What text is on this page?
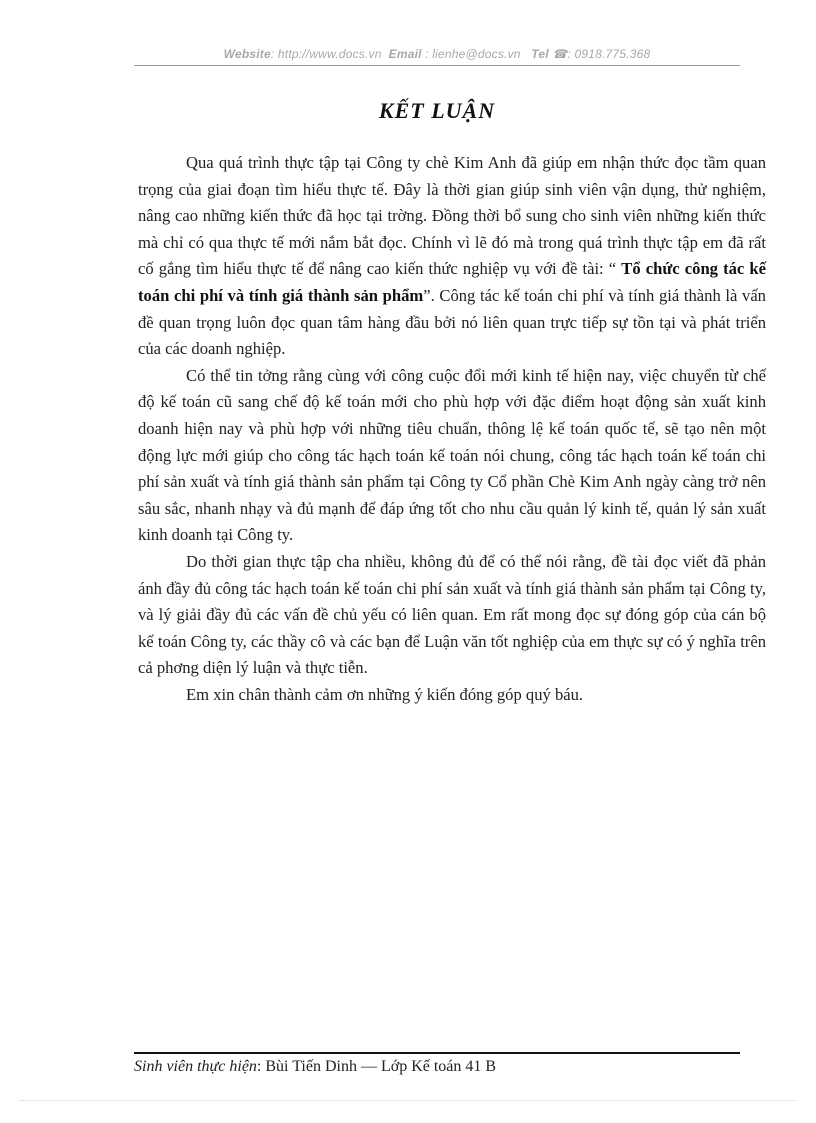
Website: http://www.docs.vn Email : lienhe@docs.vn Tel ☎: 0918.775.368
KẾT LUẬN

Qua quá trình thực tập tại Công ty chè Kim Anh đã giúp em nhận thức đọc tầm quan trọng của giai đoạn tìm hiểu thực tế. Đây là thời gian giúp sinh viên vận dụng, thử nghiệm, nâng cao những kiến thức đã học tại trờng. Đồng thời bổ sung cho sinh viên những kiến thức mà chỉ có qua thực tế mới nắm bắt đọc. Chính vì lẽ đó mà trong quá trình thực tập em đã rất cố gắng tìm hiểu thực tế để nâng cao kiến thức nghiệp vụ với đề tài: “ Tổ chức công tác kế toán chi phí và tính giá thành sản phẩm”. Công tác kế toán chi phí và tính giá thành là vấn đề quan trọng luôn đọc quan tâm hàng đầu bởi nó liên quan trực tiếp sự tồn tại và phát triển của các doanh nghiệp.

Có thể tin tởng rằng cùng với công cuộc đổi mới kinh tế hiện nay, việc chuyển từ chế độ kế toán cũ sang chế độ kế toán mới cho phù hợp với đặc điểm hoạt động sản xuất kinh doanh hiện nay và phù hợp với những tiêu chuẩn, thông lệ kế toán quốc tế, sẽ tạo nên một động lực mới giúp cho công tác hạch toán kế toán nói chung, công tác hạch toán kế toán chi phí sản xuất và tính giá thành sản phẩm tại Công ty Cổ phần Chè Kim Anh ngày càng trở nên sâu sắc, nhanh nhạy và đủ mạnh để đáp ứng tốt cho nhu cầu quản lý kinh tế, quản lý sản xuất kinh doanh tại Công ty.

Do thời gian thực tập cha nhiều, không đủ để có thể nói rằng, đề tài đọc viết đã phản ánh đầy đủ công tác hạch toán kế toán chi phí sản xuất và tính giá thành sản phẩm tại Công ty, và lý giải đầy đủ các vấn đề chủ yếu có liên quan. Em rất mong đọc sự đóng góp của cán bộ kế toán Công ty, các thầy cô và các bạn để Luận văn tốt nghiệp của em thực sự có ý nghĩa trên cả phơng diện lý luận và thực tiễn.

Em xin chân thành cảm ơn những ý kiến đóng góp quý báu.

Sinh viên thực hiện: Bùi Tiến Dinh — Lớp Kế toán 41 B
